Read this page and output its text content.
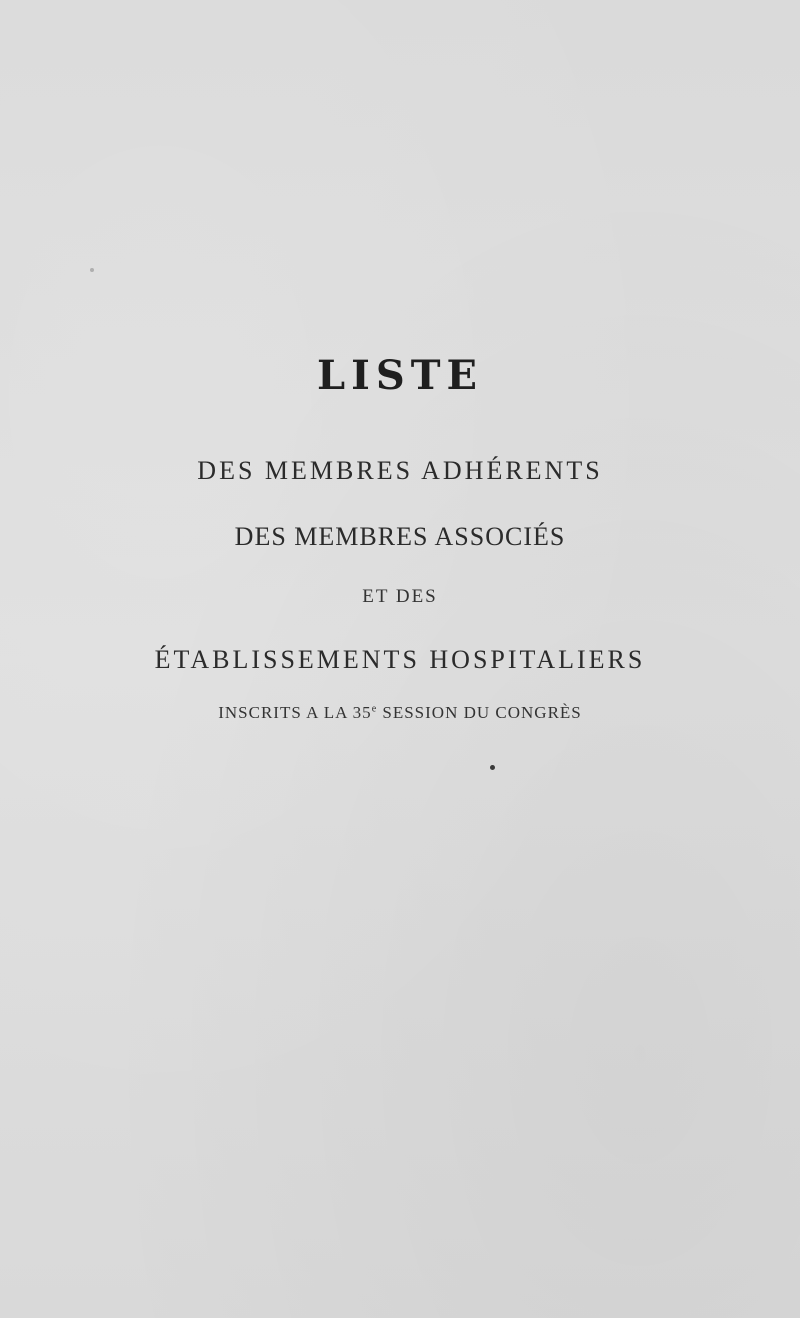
LISTE
DES MEMBRES ADHÉRENTS
DES MEMBRES ASSOCIÉS
ET DES
ÉTABLISSEMENTS HOSPITALIERS
INSCRITS A LA 35e SESSION DU CONGRÈS
